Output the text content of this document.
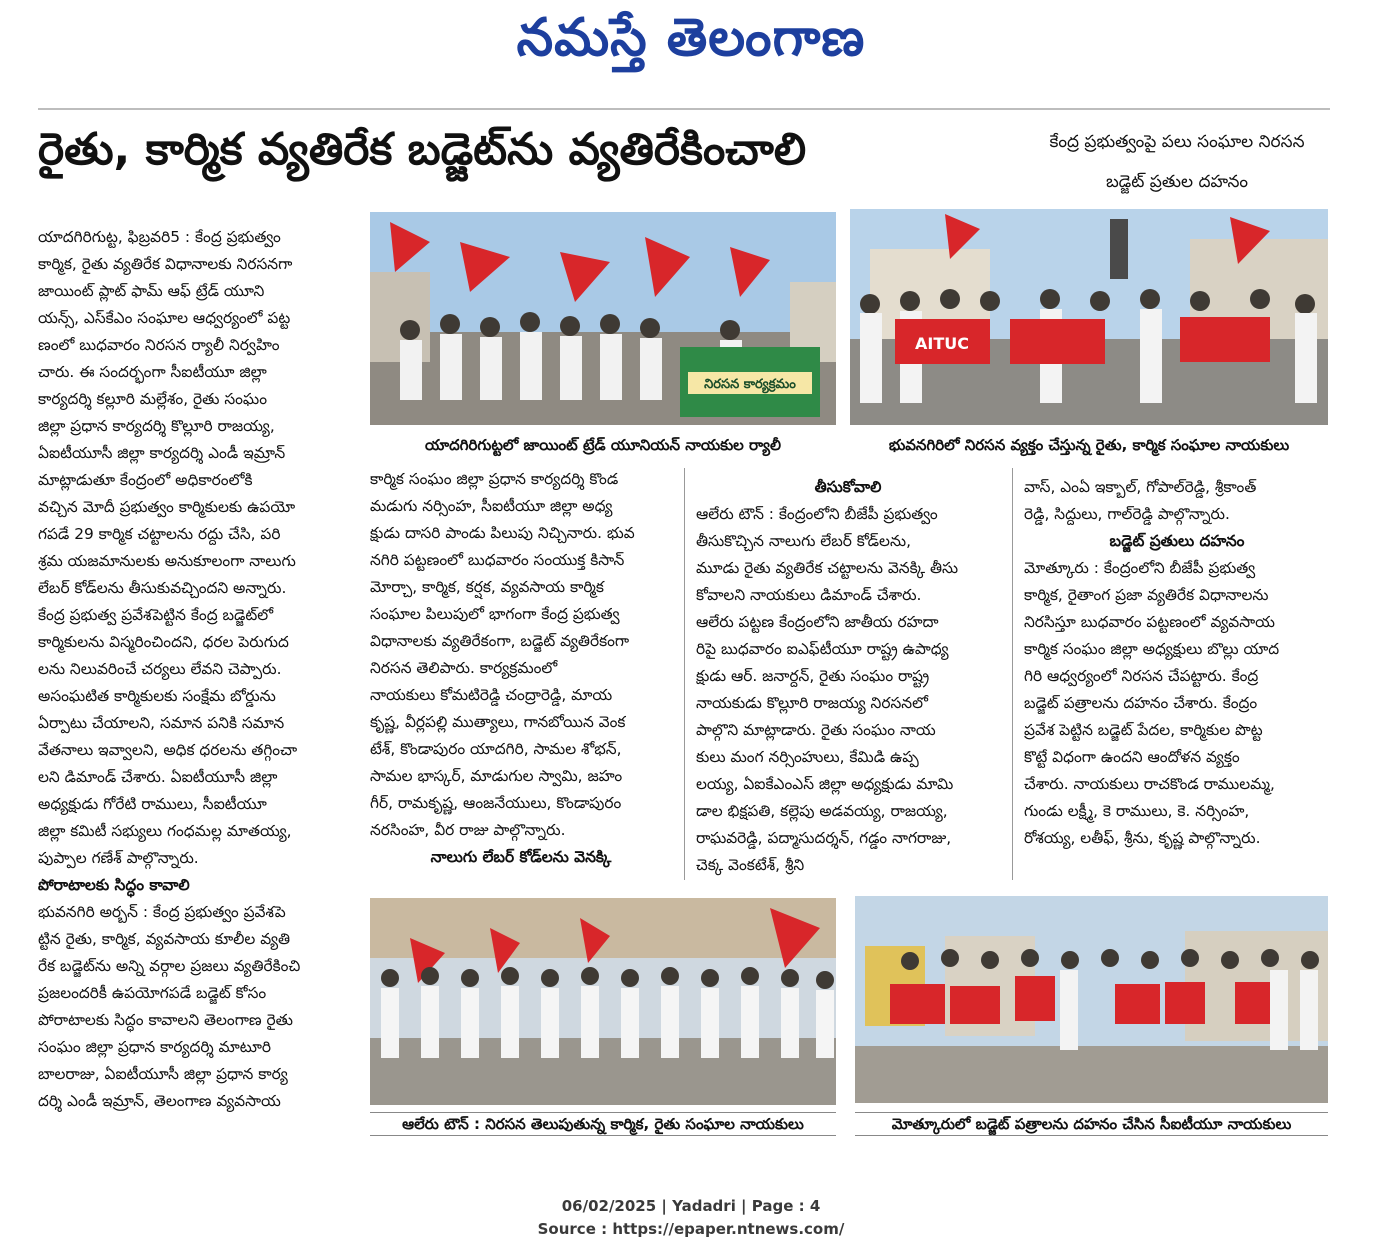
నమస్తే తెలంగాణ
రైతు, కార్మిక వ్యతిరేక బడ్జెట్‌ను వ్యతిరేకించాలి	కేంద్ర ప్రభుత్వంపై పలు సంఘాల నిరసన
బడ్జెట్ ప్రతుల దహనం

యాదగిరిగుట్ట, ఫిబ్రవరి5 : కేంద్ర ప్రభుత్వం

కార్మిక, రైతు వ్యతిరేక విధానాలకు నిరసనగా

జాయింట్ ప్లాట్ ఫామ్ ఆఫ్ ట్రేడ్ యూని

యన్స్, ఎస్‌కేఎం సంఘాల ఆధ్వర్యంలో పట్ట

ణంలో బుధవారం నిరసన ర్యాలీ నిర్వహిం

చారు. ఈ సందర్భంగా సీఐటీయూ జిల్లా

కార్యదర్శి కల్లూరి మల్లేశం, రైతు సంఘం

జిల్లా ప్రధాన కార్యదర్శి కొల్లూరి రాజయ్య,

ఏఐటీయూసీ జిల్లా కార్యదర్శి ఎండీ ఇమ్రాన్

మాట్లాడుతూ కేంద్రంలో అధికారంలోకి

వచ్చిన మోదీ ప్రభుత్వం కార్మికులకు ఉపయో

గపడే 29 కార్మిక చట్టాలను రద్దు చేసి, పరి

శ్రమ యజమానులకు అనుకూలంగా నాలుగు

లేబర్ కోడ్‌లను తీసుకువచ్చిందని అన్నారు.

కేంద్ర ప్రభుత్వ ప్రవేశపెట్టిన కేంద్ర బడ్జెట్‌లో

కార్మికులను విస్మరించిందని, ధరల పెరుగుద

లను నిలువరించే చర్యలు లేవని చెప్పారు.

అసంఘటిత కార్మికులకు సంక్షేమ బోర్డును

ఏర్పాటు చేయాలని, సమాన పనికి సమాన

వేతనాలు ఇవ్వాలని, అధిక ధరలను తగ్గించా

లని డిమాండ్ చేశారు. ఏఐటీయూసీ జిల్లా

అధ్యక్షుడు గోరేటి రాములు, సీఐటీయూ

జిల్లా కమిటీ సభ్యులు గంధమల్ల మాతయ్య,

పుప్పాల గణేశ్ పాల్గొన్నారు.

పోరాటాలకు సిద్ధం కావాలి

భువనగిరి అర్బన్ : కేంద్ర ప్రభుత్వం ప్రవేశపె

ట్టిన రైతు, కార్మిక, వ్యవసాయ కూలీల వ్యతి

రేక బడ్జెట్‌ను అన్ని వర్గాల ప్రజలు వ్యతిరేకించి

ప్రజలందరికీ ఉపయోగపడే బడ్జెట్ కోసం

పోరాటాలకు సిద్ధం కావాలని తెలంగాణ రైతు

సంఘం జిల్లా ప్రధాన కార్యదర్శి మాటూరి

బాలరాజు, ఏఐటీయూసీ జిల్లా ప్రధాన కార్య

దర్శి ఎండీ ఇమ్రాన్, తెలంగాణ వ్యవసాయ

నిరసన కార్యక్రమం
యాదగిరిగుట్టలో జాయింట్ ట్రేడ్ యూనియన్ నాయకుల ర్యాలీ
AITUC
భువనగిరిలో నిరసన వ్యక్తం చేస్తున్న రైతు, కార్మిక సంఘాల నాయకులు

కార్మిక సంఘం జిల్లా ప్రధాన కార్యదర్శి కొండ

మడుగు నర్సింహ, సీఐటీయూ జిల్లా అధ్య

క్షుడు దాసరి పాండు పిలుపు నిచ్చినారు. భువ

నగిరి పట్టణంలో బుధవారం సంయుక్త కిసాన్

మోర్చా, కార్మిక, కర్షక, వ్యవసాయ కార్మిక

సంఘాల పిలుపులో భాగంగా కేంద్ర ప్రభుత్వ

విధానాలకు వ్యతిరేకంగా, బడ్జెట్ వ్యతిరేకంగా

నిరసన తెలిపారు. కార్యక్రమంలో

నాయకులు కోమటిరెడ్డి చంద్రారెడ్డి, మాయ

కృష్ణ, వీర్లపల్లి ముత్యాలు, గానబోయిన వెంక

టేశ్, కొండాపురం యాదగిరి, సామల శోభన్,

సామల భాస్కర్, మాడుగుల స్వామి, జహం

గీర్, రామకృష్ణ, ఆంజనేయులు, కొండాపురం

నరసింహ, వీర రాజు పాల్గొన్నారు.

నాలుగు లేబర్ కోడ్‌లను వెనక్కి

తీసుకోవాలి

ఆలేరు టౌన్ : కేంద్రంలోని బీజేపీ ప్రభుత్వం

తీసుకొచ్చిన నాలుగు లేబర్ కోడ్‌లను,

మూడు రైతు వ్యతిరేక చట్టాలను వెనక్కి తీసు

కోవాలని నాయకులు డిమాండ్ చేశారు.

ఆలేరు పట్టణ కేంద్రంలోని జాతీయ రహదా

రిపై బుధవారం ఐఎఫ్‌టీయూ రాష్ట్ర ఉపాధ్య

క్షుడు ఆర్. జనార్దన్, రైతు సంఘం రాష్ట్ర

నాయకుడు కొల్లూరి రాజయ్య నిరసనలో

పాల్గొని మాట్లాడారు. రైతు సంఘం నాయ

కులు మంగ నర్సింహులు, కేమిడి ఉప్ప

లయ్య, ఏఐకేఎంఎస్ జిల్లా అధ్యక్షుడు మామి

డాల భిక్షపతి, కల్లెపు అడవయ్య, రాజయ్య,

రాఘవరెడ్డి, పద్మాసుదర్శన్, గడ్డం నాగరాజు,

చెక్క వెంకటేశ్, శ్రీని

వాస్, ఎంఏ ఇక్బాల్, గోపాల్‌రెడ్డి, శ్రీకాంత్

రెడ్డి, సిద్దులు, గాల్‌రెడ్డి పాల్గొన్నారు.

బడ్జెట్ ప్రతులు దహనం

మోత్కూరు : కేంద్రంలోని బీజేపీ ప్రభుత్వ

కార్మిక, రైతాంగ ప్రజా వ్యతిరేక విధానాలను

నిరసిస్తూ బుధవారం పట్టణంలో వ్యవసాయ

కార్మిక సంఘం జిల్లా అధ్యక్షులు బొల్లు యాద

గిరి ఆధ్వర్యంలో నిరసన చేపట్టారు. కేంద్ర

బడ్జెట్ పత్రాలను దహనం చేశారు. కేంద్రం

ప్రవేశ పెట్టిన బడ్జెట్ పేదల, కార్మికుల పొట్ట

కొట్టే విధంగా ఉందని ఆందోళన వ్యక్తం

చేశారు. నాయకులు రాచకొండ రాములమ్మ,

గుండు లక్ష్మీ, కె రాములు, కె. నర్సింహ,

రోశయ్య, లతీఫ్, శ్రీను, కృష్ణ పాల్గొన్నారు.

ఆలేరు టౌన్ : నిరసన తెలుపుతున్న కార్మిక, రైతు సంఘాల నాయకులు	మోత్కూరులో బడ్జెట్ పత్రాలను దహనం చేసిన సీఐటీయూ నాయకులు
06/02/2025 | Yadadri | Page : 4
Source : https://epaper.ntnews.com/
